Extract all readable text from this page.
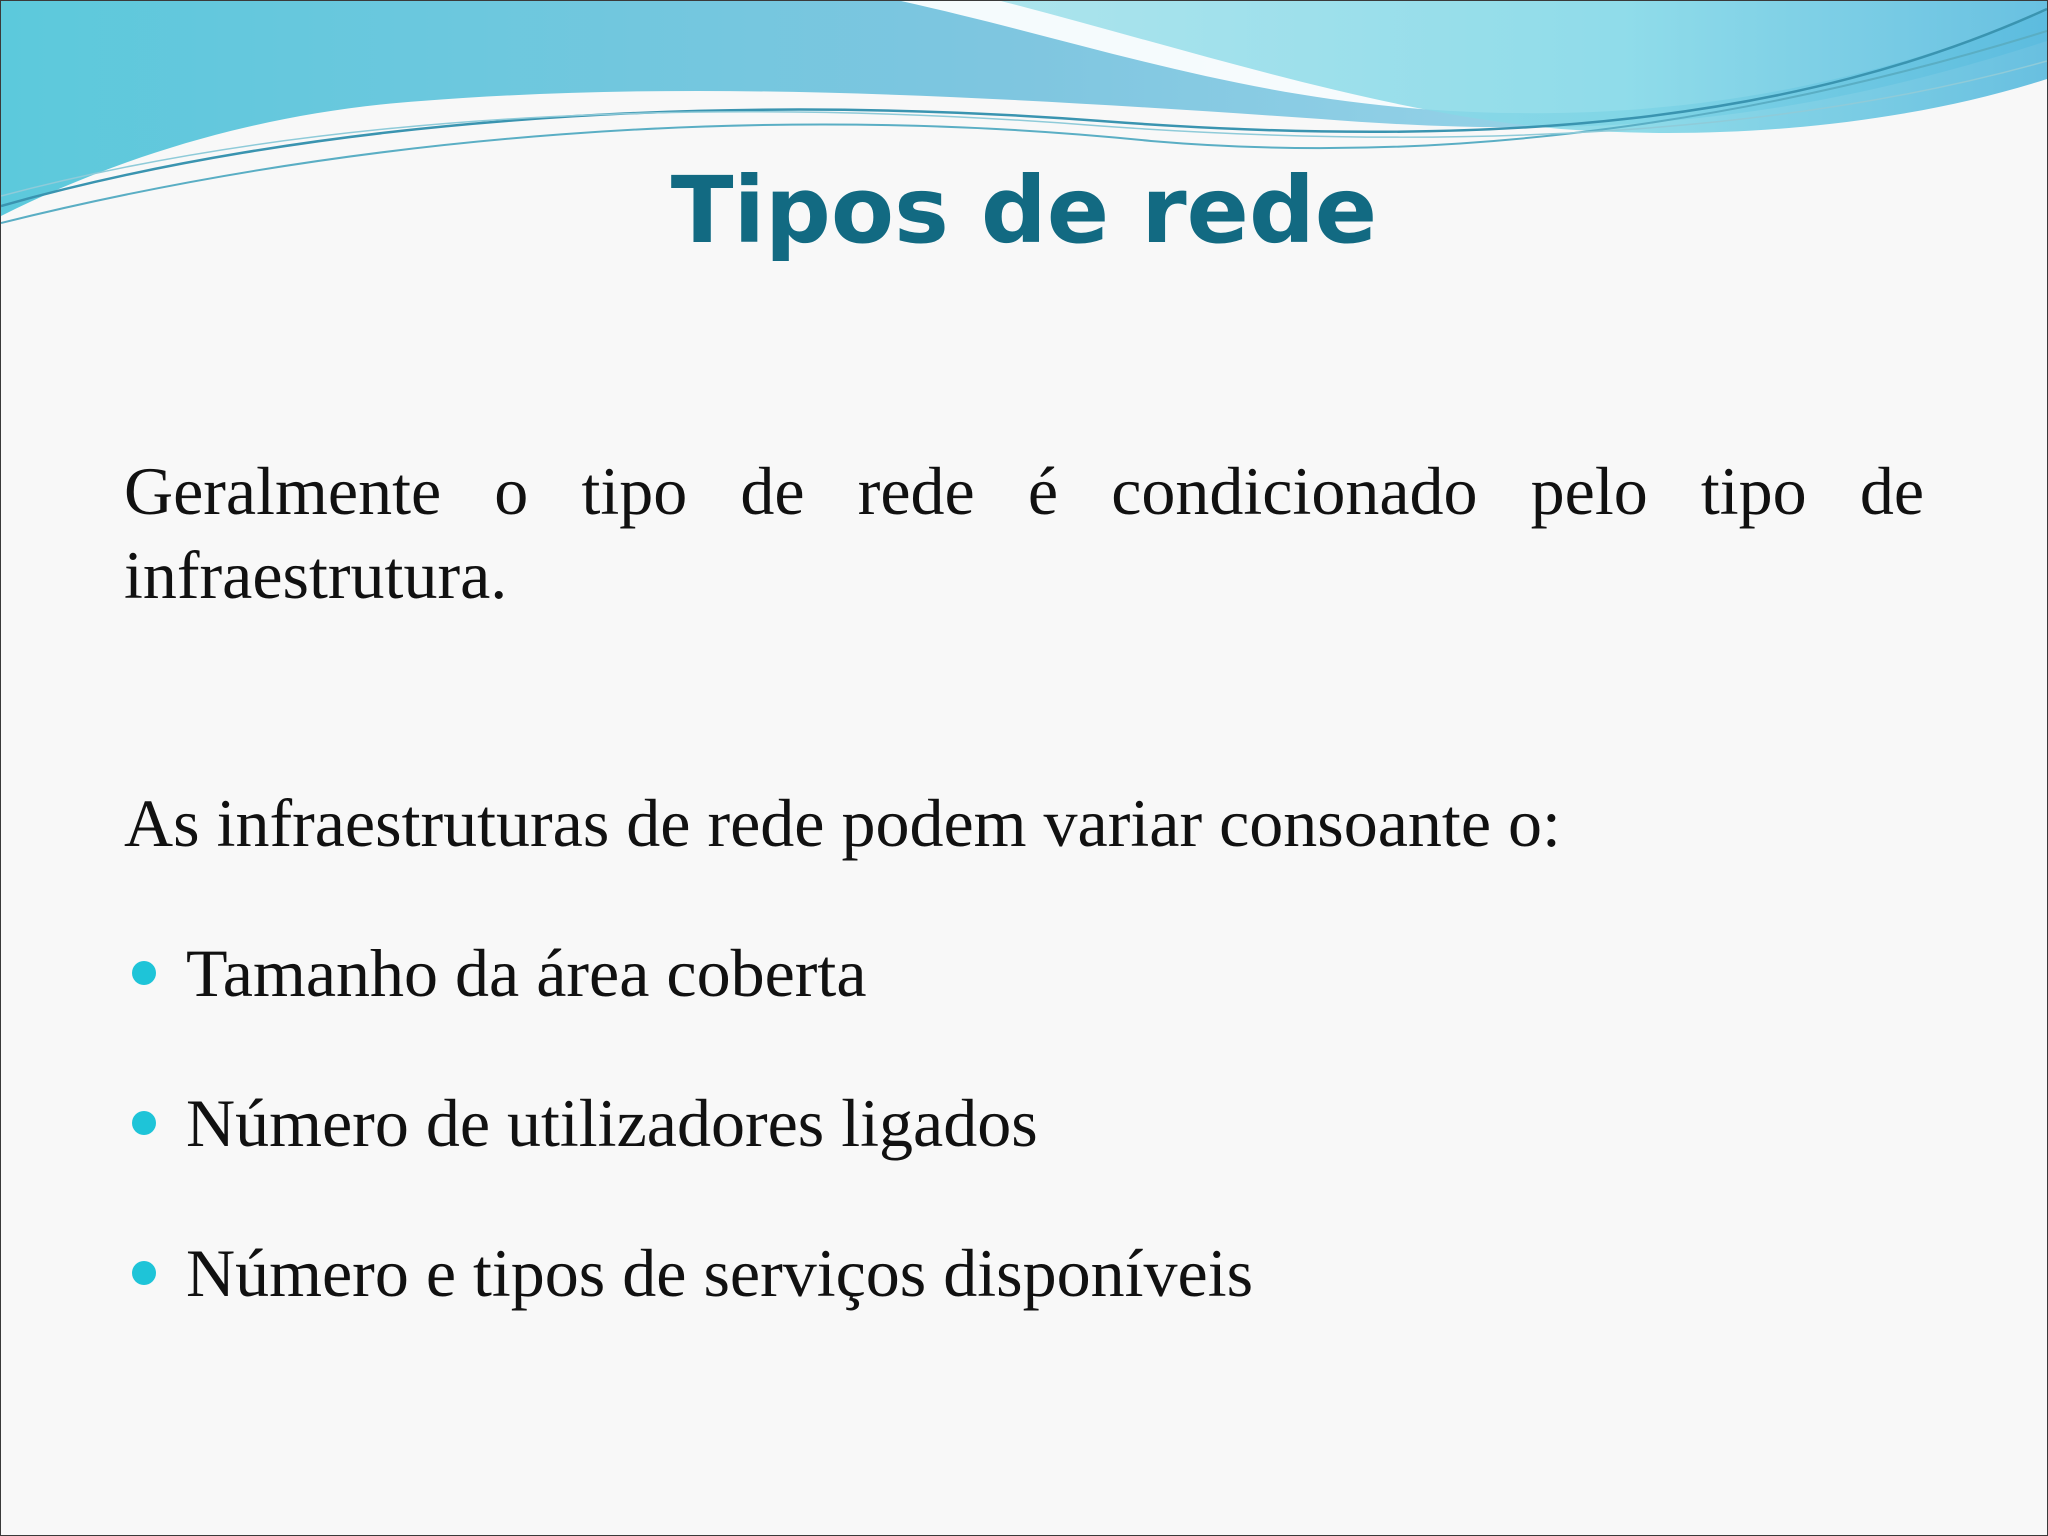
Tipos de rede

Geralmente o tipo de rede é condicionado pelo tipo de infraestrutura.

As infraestruturas de rede podem variar consoante o:

Tamanho da área coberta
Número de utilizadores ligados
Número e tipos de serviços disponíveis
